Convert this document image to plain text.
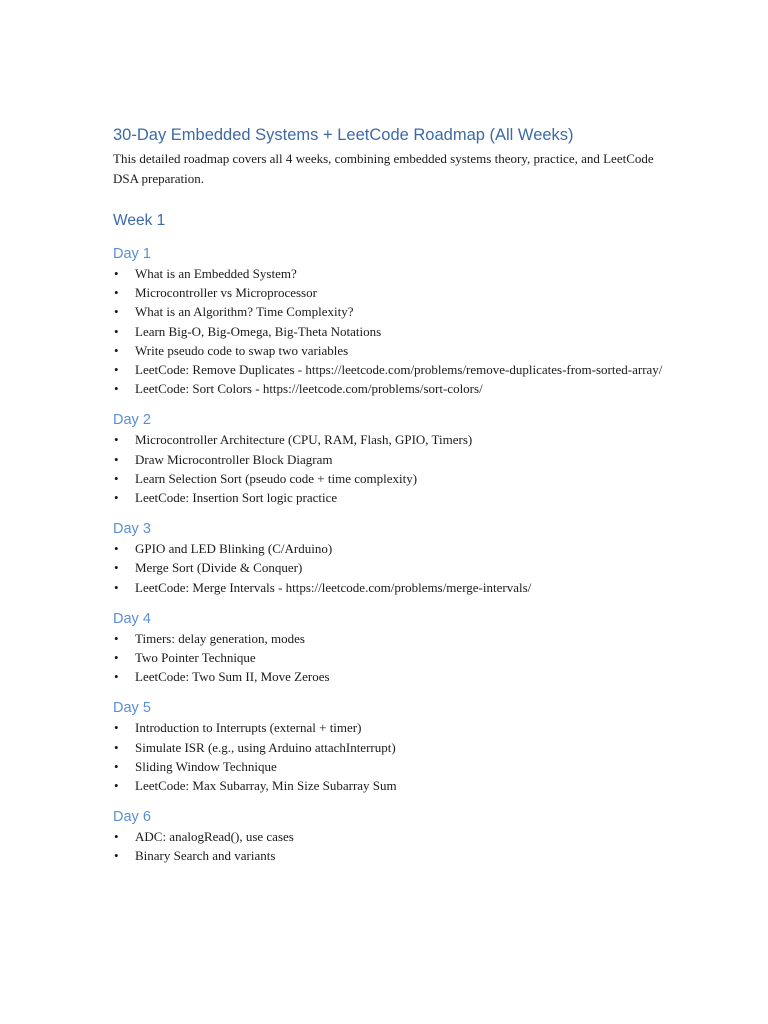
30-Day Embedded Systems + LeetCode Roadmap (All Weeks)

This detailed roadmap covers all 4 weeks, combining embedded systems theory, practice, and LeetCode DSA preparation.

Week 1
Day 1
• What is an Embedded System?
• Microcontroller vs Microprocessor
• What is an Algorithm? Time Complexity?
• Learn Big-O, Big-Omega, Big-Theta Notations
• Write pseudo code to swap two variables
• LeetCode: Remove Duplicates - https://leetcode.com/problems/remove-duplicates-from-sorted-array/
• LeetCode: Sort Colors - https://leetcode.com/problems/sort-colors/
Day 2
• Microcontroller Architecture (CPU, RAM, Flash, GPIO, Timers)
• Draw Microcontroller Block Diagram
• Learn Selection Sort (pseudo code + time complexity)
• LeetCode: Insertion Sort logic practice
Day 3
• GPIO and LED Blinking (C/Arduino)
• Merge Sort (Divide & Conquer)
• LeetCode: Merge Intervals - https://leetcode.com/problems/merge-intervals/
Day 4
• Timers: delay generation, modes
• Two Pointer Technique
• LeetCode: Two Sum II, Move Zeroes
Day 5
• Introduction to Interrupts (external + timer)
• Simulate ISR (e.g., using Arduino attachInterrupt)
• Sliding Window Technique
• LeetCode: Max Subarray, Min Size Subarray Sum
Day 6
• ADC: analogRead(), use cases
• Binary Search and variants
